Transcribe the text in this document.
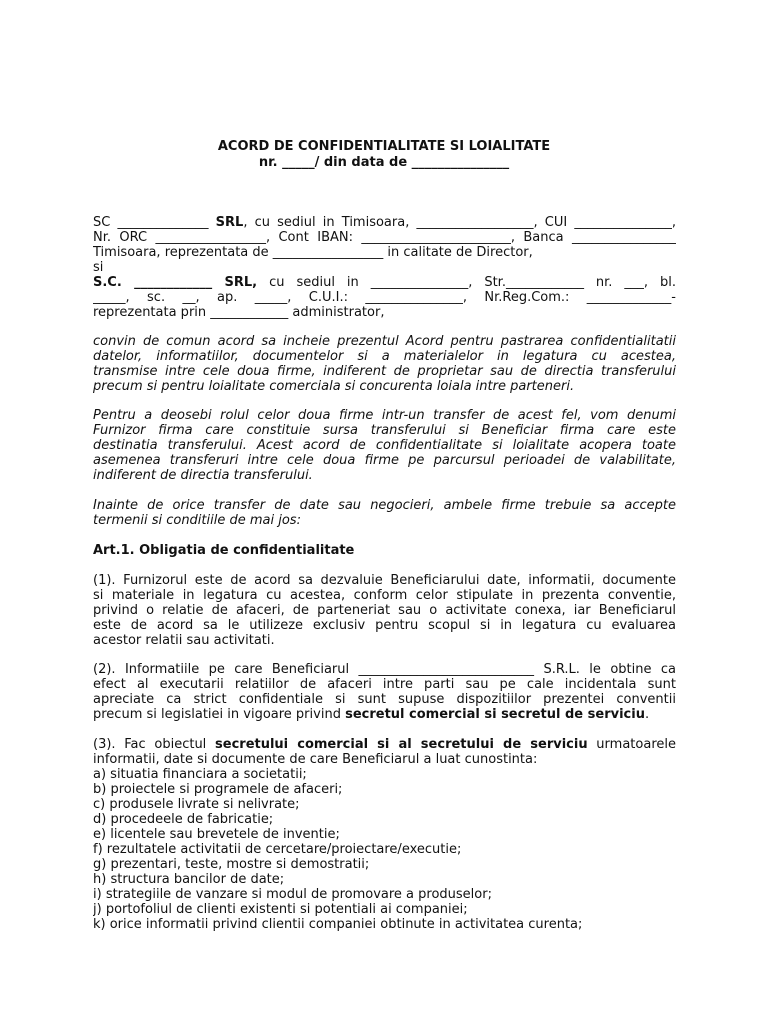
ACORD DE CONFIDENTIALITATE SI LOIALITATE
nr. _____/ din data de _______________
SC ______________ SRL, cu sediul in Timisoara, __________________, CUI _______________,
Nr. ORC _________________, Cont IBAN: _______________________, Banca ________________
Timisoara, reprezentata de _________________ in calitate de Director,
si
S.C. ____________ SRL, cu sediul in _______________, Str.____________ nr. ___, bl.
_____, sc. __, ap. _____, C.U.I.: _______________, Nr.Reg.Com.: _____________-
reprezentata prin ____________ administrator,
convin de comun acord sa incheie prezentul Acord pentru pastrarea confidentialitatii
datelor, informatiilor, documentelor si a materialelor in legatura cu acestea,
transmise intre cele doua firme, indiferent de proprietar sau de directia transferului
precum si pentru loialitate comerciala si concurenta loiala intre parteneri.
Pentru a deosebi rolul celor doua firme intr-un transfer de acest fel, vom denumi
Furnizor firma care constituie sursa transferului si Beneficiar firma care este
destinatia transferului. Acest acord de confidentialitate si loialitate acopera toate
asemenea transferuri intre cele doua firme pe parcursul perioadei de valabilitate,
indiferent de directia transferului.
Inainte de orice transfer de date sau negocieri, ambele firme trebuie sa accepte
termenii si conditiile de mai jos:
Art.1. Obligatia de confidentialitate
(1). Furnizorul este de acord sa dezvaluie Beneficiarului date, informatii, documente
si materiale in legatura cu acestea, conform celor stipulate in prezenta conventie,
privind o relatie de afaceri, de parteneriat sau o activitate conexa, iar Beneficiarul
este de acord sa le utilizeze exclusiv pentru scopul si in legatura cu evaluarea
acestor relatii sau activitati.
(2). Informatiile pe care Beneficiarul ___________________________ S.R.L. le obtine ca
efect al executarii relatiilor de afaceri intre parti sau pe cale incidentala sunt
apreciate ca strict confidentiale si sunt supuse dispozitiilor prezentei conventii
precum si legislatiei in vigoare privind secretul comercial si secretul de serviciu.
(3). Fac obiectul secretului comercial si al secretului de serviciu urmatoarele
informatii, date si documente de care Beneficiarul a luat cunostinta:
a) situatia financiara a societatii;
b) proiectele si programele de afaceri;
c) produsele livrate si nelivrate;
d) procedeele de fabricatie;
e) licentele sau brevetele de inventie;
f) rezultatele activitatii de cercetare/proiectare/executie;
g) prezentari, teste, mostre si demostratii;
h) structura bancilor de date;
i) strategiile de vanzare si modul de promovare a produselor;
j) portofoliul de clienti existenti si potentiali ai companiei;
k) orice informatii privind clientii companiei obtinute in activitatea curenta;
